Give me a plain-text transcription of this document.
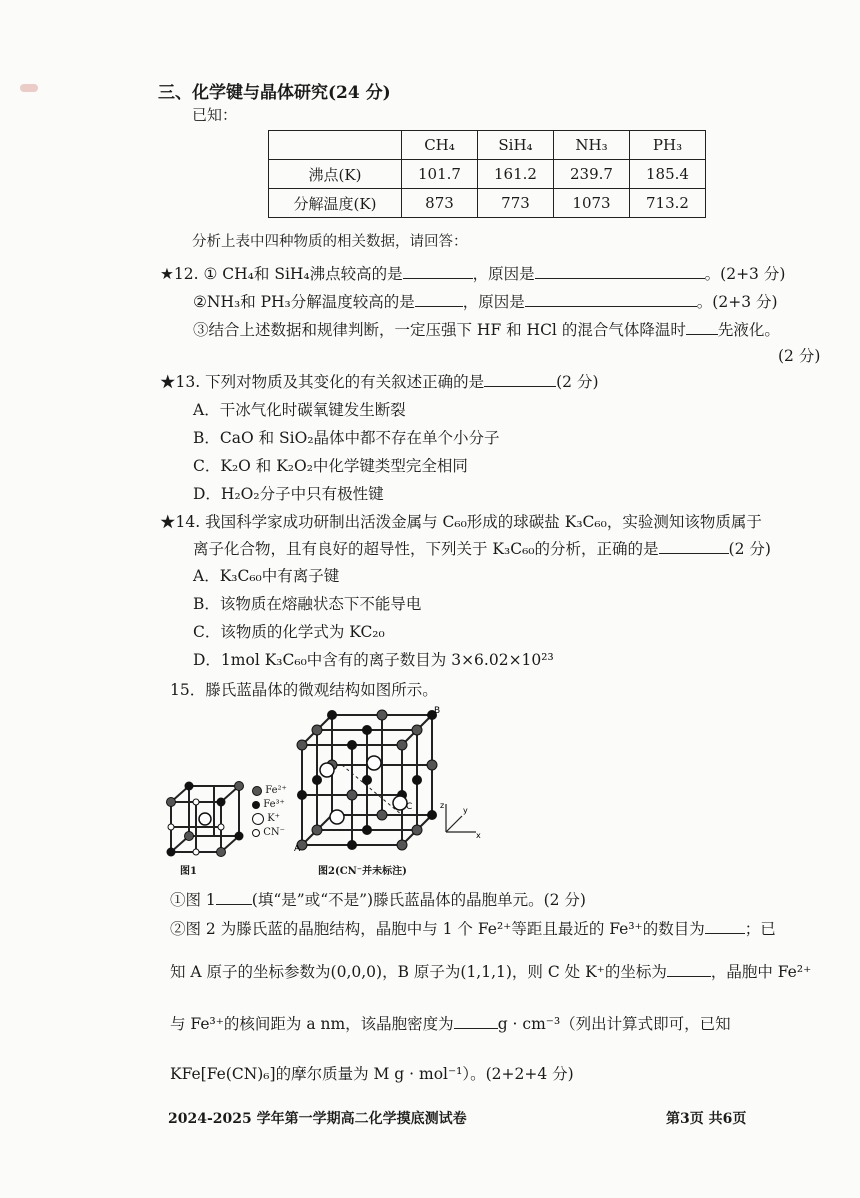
三、化学键与晶体研究(24 分)
已知：
	CH₄	SiH₄	NH₃	PH₃
沸点(K)	101.7	161.2	239.7	185.4
分解温度(K)	873	773	1073	713.2
分析上表中四种物质的相关数据，请回答：
★12. ① CH₄和 SiH₄沸点较高的是	，原因是	。(2+3 分)
②NH₃和 PH₃分解温度较高的是	，原因是	。(2+3 分)
③结合上述数据和规律判断，一定压强下 HF 和 HCl 的混合气体降温时 先液化。
(2 分)
★13. 下列对物质及其变化的有关叙述正确的是	(2 分)
A．干冰气化时碳氧键发生断裂
B．CaO 和 SiO₂晶体中都不存在单个小分子
C．K₂O 和 K₂O₂中化学键类型完全相同
D．H₂O₂分子中只有极性键
★14. 我国科学家成功研制出活泼金属与 C₆₀形成的球碳盐 K₃C₆₀，实验测知该物质属于
离子化合物，且有良好的超导性，下列关于 K₃C₆₀的分析，正确的是	(2 分)
A．K₃C₆₀中有离子键
B．该物质在熔融状态下不能导电
C．该物质的化学式为 KC₂₀
D．1mol K₃C₆₀中含有的离子数目为 3×6.02×10²³
15．滕氏蓝晶体的微观结构如图所示。
Fe²⁺
Fe³⁺
K⁺
CN⁻
图1
A
B
C
x
y
z
图2(CN⁻并未标注)
①图 1 (填“是”或“不是”)滕氏蓝晶体的晶胞单元。(2 分)
②图 2 为滕氏蓝的晶胞结构，晶胞中与 1 个 Fe²⁺等距且最近的 Fe³⁺的数目为	；已
知 A 原子的坐标参数为(0,0,0)，B 原子为(1,1,1)，则 C 处 K⁺的坐标为	，晶胞中 Fe²⁺
与 Fe³⁺的核间距为 a nm，该晶胞密度为	g · cm⁻³（列出计算式即可，已知
KFe[Fe(CN)₆]的摩尔质量为 M g · mol⁻¹）。(2+2+4 分)
2024-2025 学年第一学期高二化学摸底测试卷	第3页 共6页
